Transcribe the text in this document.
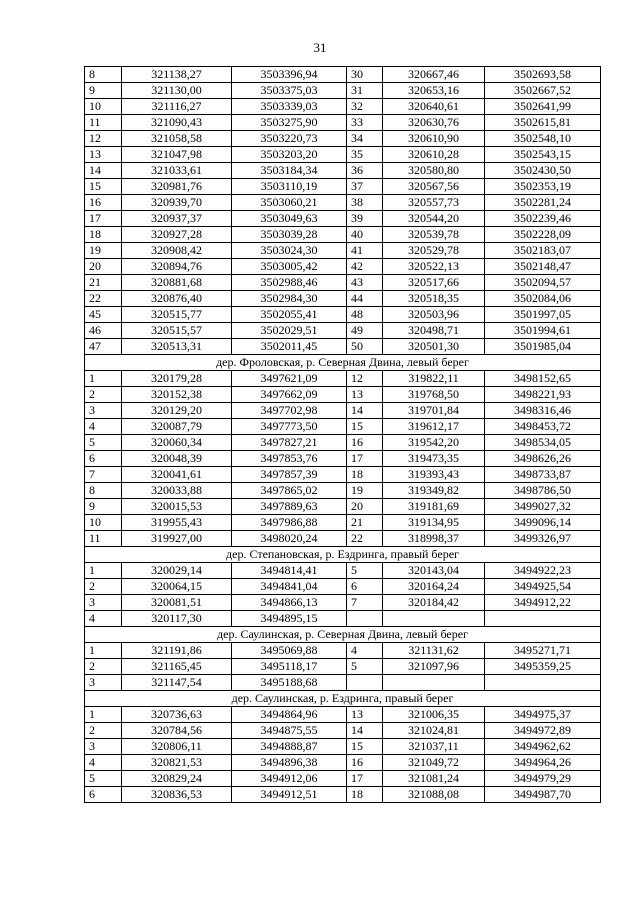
31
8	321138,27	3503396,94	30	320667,46	3502693,58
9	321130,00	3503375,03	31	320653,16	3502667,52
10	321116,27	3503339,03	32	320640,61	3502641,99
11	321090,43	3503275,90	33	320630,76	3502615,81
12	321058,58	3503220,73	34	320610,90	3502548,10
13	321047,98	3503203,20	35	320610,28	3502543,15
14	321033,61	3503184,34	36	320580,80	3502430,50
15	320981,76	3503110,19	37	320567,56	3502353,19
16	320939,70	3503060,21	38	320557,73	3502281,24
17	320937,37	3503049,63	39	320544,20	3502239,46
18	320927,28	3503039,28	40	320539,78	3502228,09
19	320908,42	3503024,30	41	320529,78	3502183,07
20	320894,76	3503005,42	42	320522,13	3502148,47
21	320881,68	3502988,46	43	320517,66	3502094,57
22	320876,40	3502984,30	44	320518,35	3502084,06
45	320515,77	3502055,41	48	320503,96	3501997,05
46	320515,57	3502029,51	49	320498,71	3501994,61
47	320513,31	3502011,45	50	320501,30	3501985,04
дер. Фроловская, р. Северная Двина, левый берег					
1	320179,28	3497621,09	12	319822,11	3498152,65
2	320152,38	3497662,09	13	319768,50	3498221,93
3	320129,20	3497702,98	14	319701,84	3498316,46
4	320087,79	3497773,50	15	319612,17	3498453,72
5	320060,34	3497827,21	16	319542,20	3498534,05
6	320048,39	3497853,76	17	319473,35	3498626,26
7	320041,61	3497857,39	18	319393,43	3498733,87
8	320033,88	3497865,02	19	319349,82	3498786,50
9	320015,53	3497889,63	20	319181,69	3499027,32
10	319955,43	3497986,88	21	319134,95	3499096,14
11	319927,00	3498020,24	22	318998,37	3499326,97
дер. Степановская, р. Ездринга, правый берег					
1	320029,14	3494814,41	5	320143,04	3494922,23
2	320064,15	3494841,04	6	320164,24	3494925,54
3	320081,51	3494866,13	7	320184,42	3494912,22
4	320117,30	3494895,15			
дер. Саулинская, р. Северная Двина, левый берег					
1	321191,86	3495069,88	4	321131,62	3495271,71
2	321165,45	3495118,17	5	321097,96	3495359,25
3	321147,54	3495188,68			
дер. Саулинская, р. Ездринга, правый берег					
1	320736,63	3494864,96	13	321006,35	3494975,37
2	320784,56	3494875,55	14	321024,81	3494972,89
3	320806,11	3494888,87	15	321037,11	3494962,62
4	320821,53	3494896,38	16	321049,72	3494964,26
5	320829,24	3494912,06	17	321081,24	3494979,29
6	320836,53	3494912,51	18	321088,08	3494987,70
